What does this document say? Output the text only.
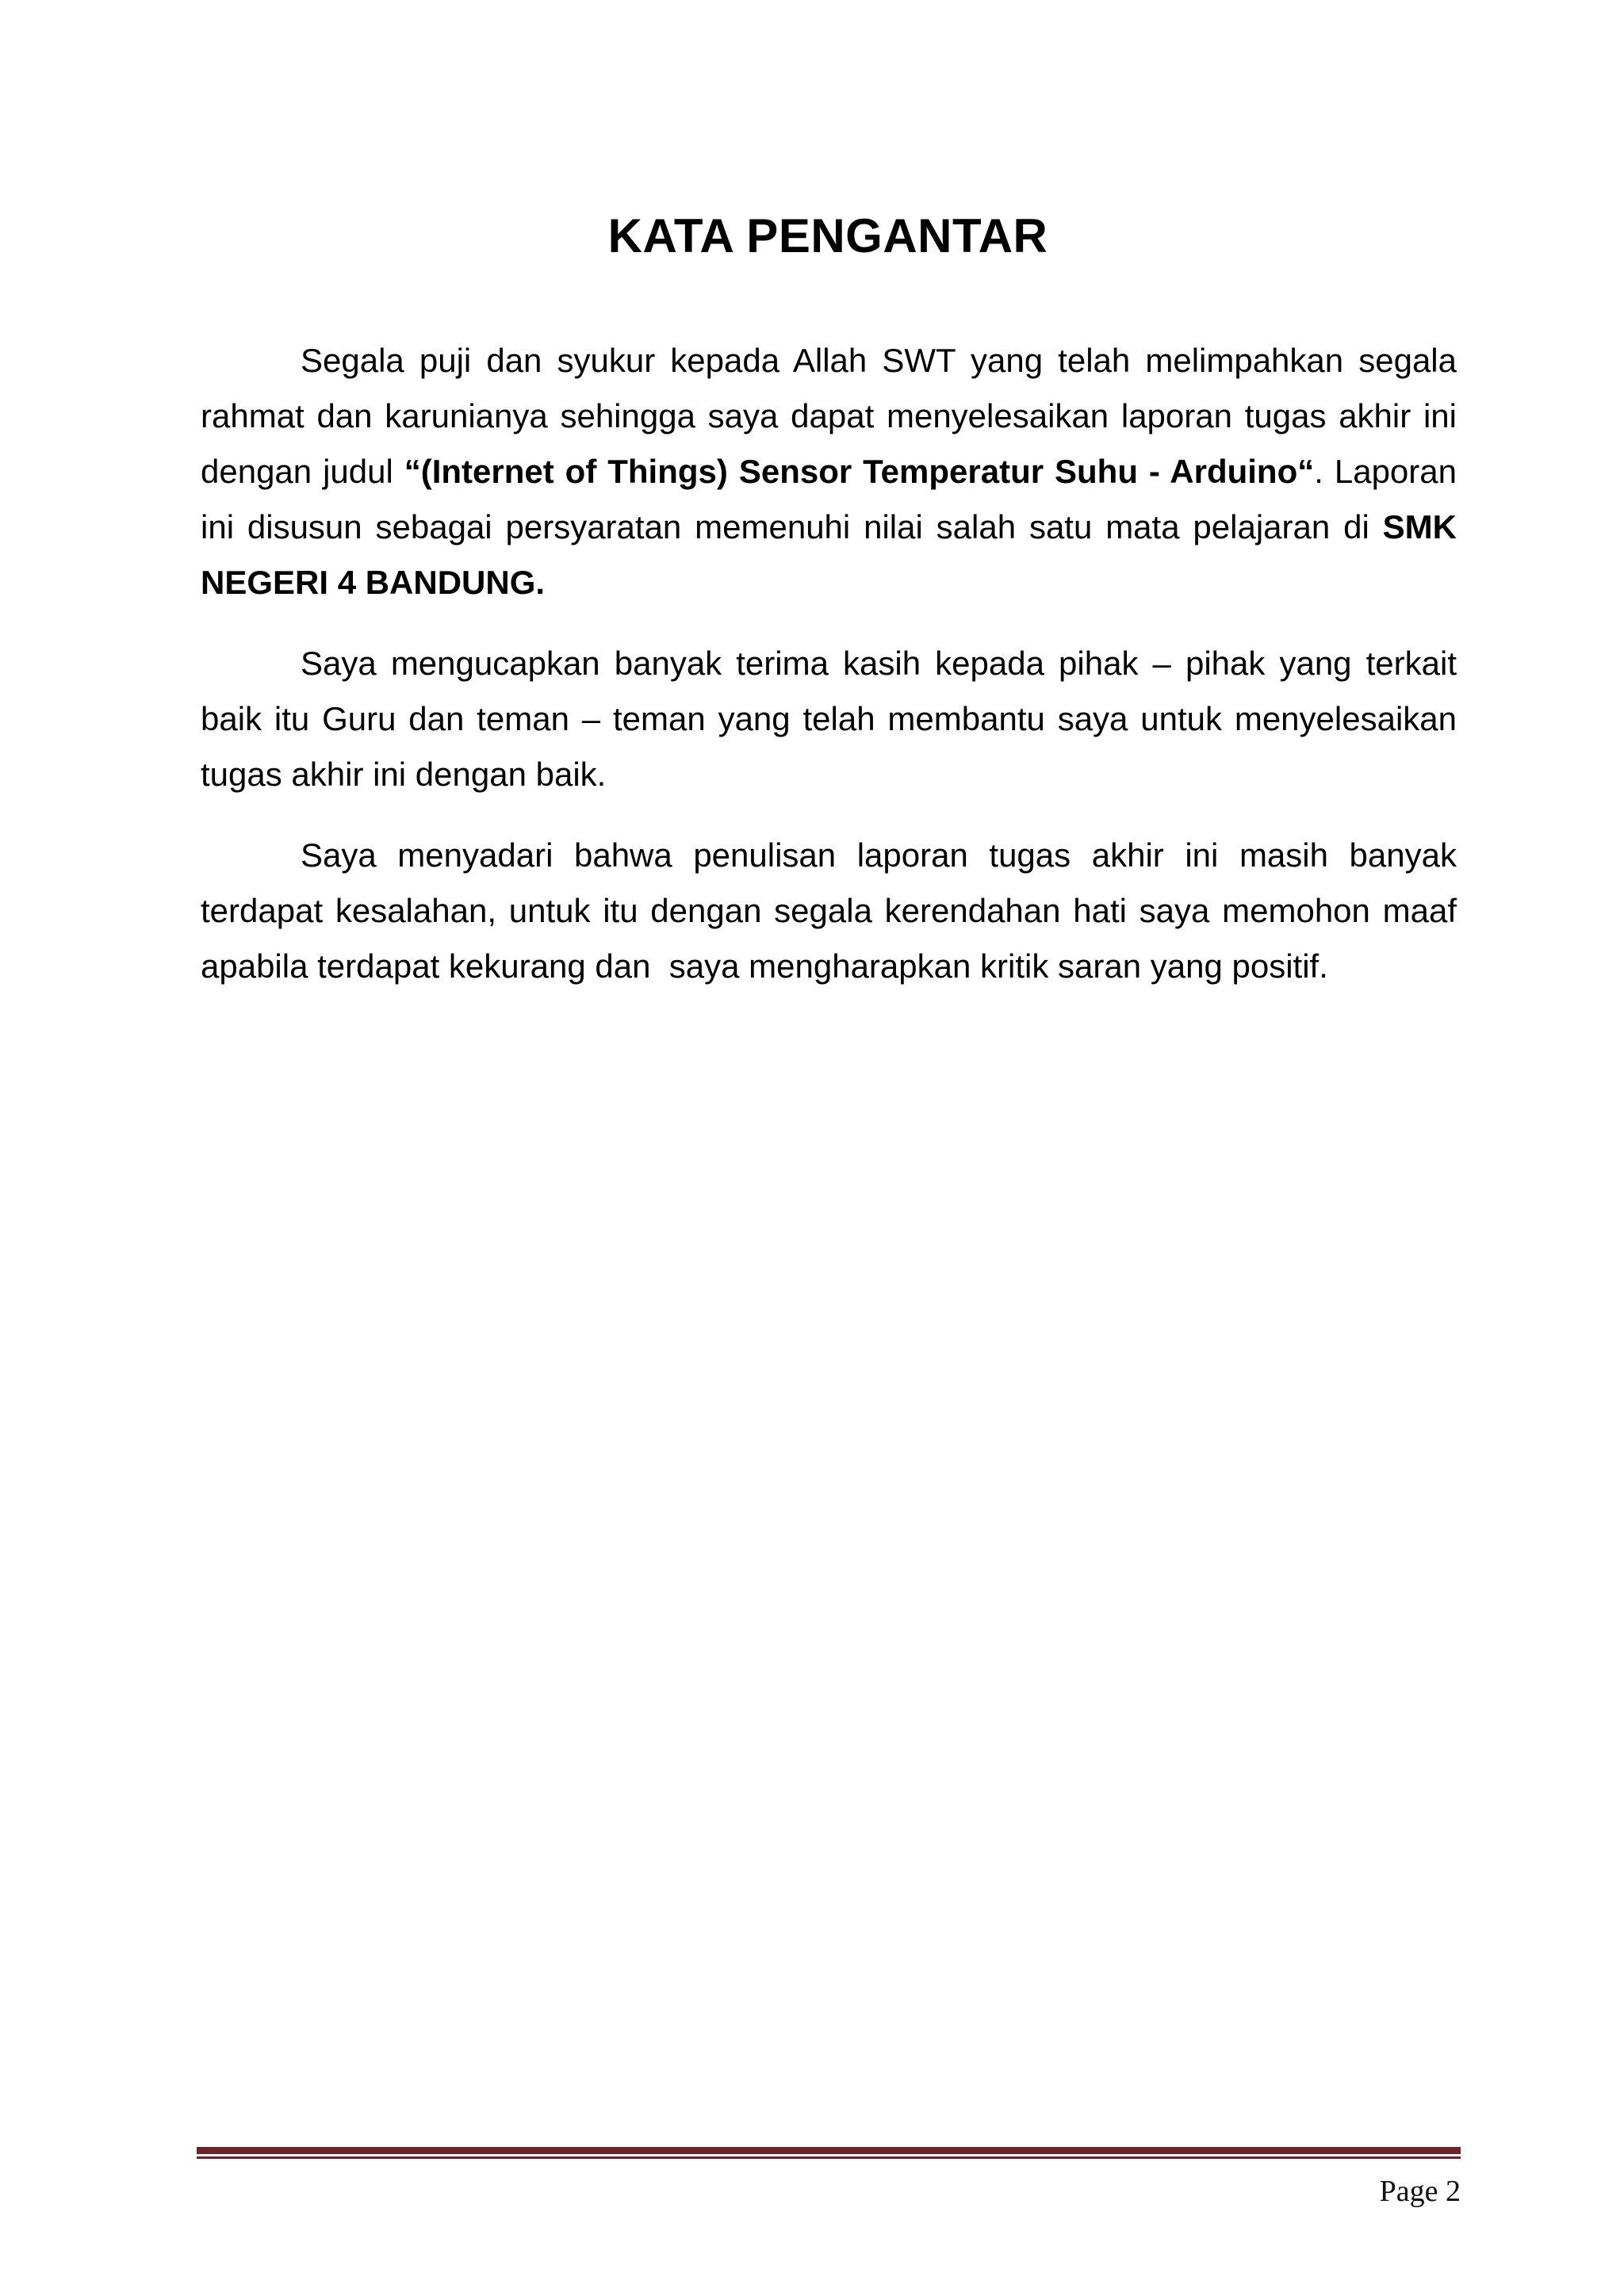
KATA PENGANTAR

Segala puji dan syukur kepada Allah SWT yang telah melimpahkan segala rahmat dan karunianya sehingga saya dapat menyelesaikan laporan tugas akhir ini dengan judul “(Internet of Things) Sensor Temperatur Suhu - Arduino“. Laporan ini disusun sebagai persyaratan memenuhi nilai salah satu mata pelajaran di SMK NEGERI 4 BANDUNG.

Saya mengucapkan banyak terima kasih kepada pihak – pihak yang terkait baik itu Guru dan teman – teman yang telah membantu saya untuk menyelesaikan tugas akhir ini dengan baik.

Saya menyadari bahwa penulisan laporan tugas akhir ini masih banyak terdapat kesalahan, untuk itu dengan segala kerendahan hati saya memohon maaf apabila terdapat kekurang dan  saya mengharapkan kritik saran yang positif.

Page 2
